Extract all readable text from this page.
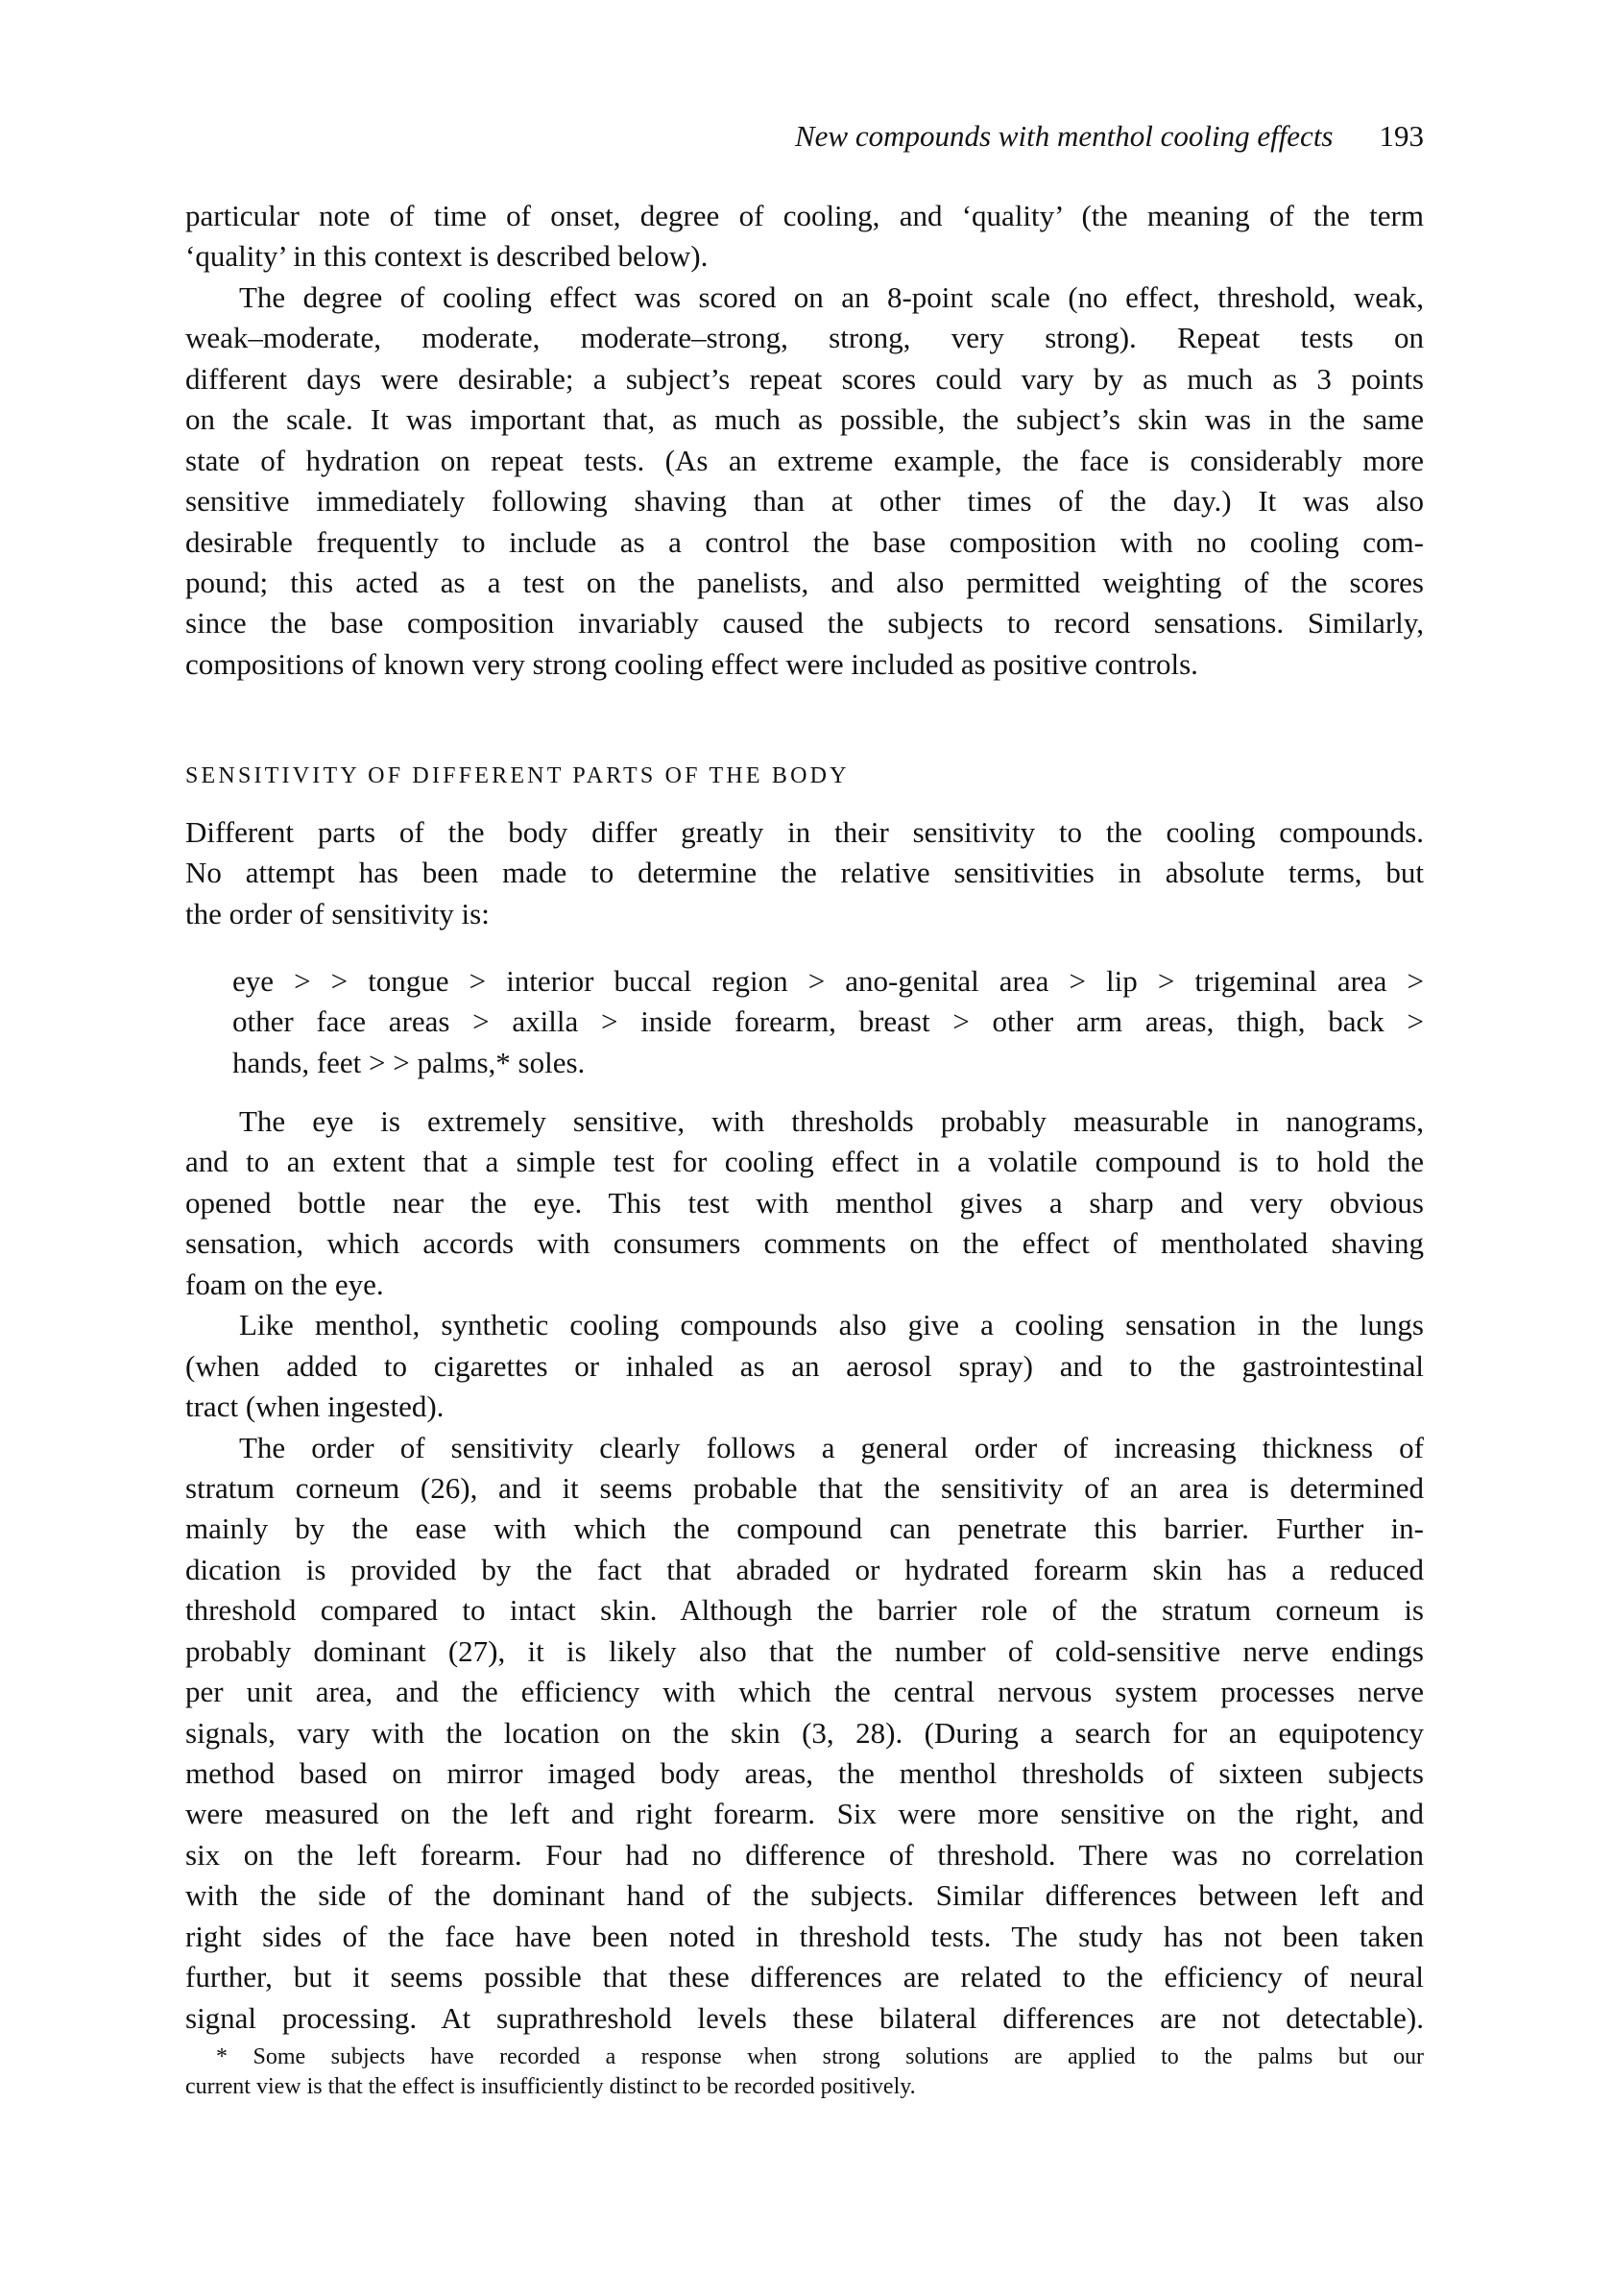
New compounds with menthol cooling effects 193
particular note of time of onset, degree of cooling, and ‘quality’ (the meaning of the term
‘quality’ in this context is described below).
The degree of cooling effect was scored on an 8-point scale (no effect, threshold, weak,
weak–moderate, moderate, moderate–strong, strong, very strong). Repeat tests on
different days were desirable; a subject’s repeat scores could vary by as much as 3 points
on the scale. It was important that, as much as possible, the subject’s skin was in the same
state of hydration on repeat tests. (As an extreme example, the face is considerably more
sensitive immediately following shaving than at other times of the day.) It was also
desirable frequently to include as a control the base composition with no cooling com-
pound; this acted as a test on the panelists, and also permitted weighting of the scores
since the base composition invariably caused the subjects to record sensations. Similarly,
compositions of known very strong cooling effect were included as positive controls.
SENSITIVITY OF DIFFERENT PARTS OF THE BODY
Different parts of the body differ greatly in their sensitivity to the cooling compounds.
No attempt has been made to determine the relative sensitivities in absolute terms, but
the order of sensitivity is:
eye > > tongue > interior buccal region > ano-genital area > lip > trigeminal area >
other face areas > axilla > inside forearm, breast > other arm areas, thigh, back >
hands, feet > > palms,* soles.
The eye is extremely sensitive, with thresholds probably measurable in nanograms,
and to an extent that a simple test for cooling effect in a volatile compound is to hold the
opened bottle near the eye. This test with menthol gives a sharp and very obvious
sensation, which accords with consumers comments on the effect of mentholated shaving
foam on the eye.
Like menthol, synthetic cooling compounds also give a cooling sensation in the lungs
(when added to cigarettes or inhaled as an aerosol spray) and to the gastrointestinal
tract (when ingested).
The order of sensitivity clearly follows a general order of increasing thickness of
stratum corneum (26), and it seems probable that the sensitivity of an area is determined
mainly by the ease with which the compound can penetrate this barrier. Further in-
dication is provided by the fact that abraded or hydrated forearm skin has a reduced
threshold compared to intact skin. Although the barrier role of the stratum corneum is
probably dominant (27), it is likely also that the number of cold-sensitive nerve endings
per unit area, and the efficiency with which the central nervous system processes nerve
signals, vary with the location on the skin (3, 28). (During a search for an equipotency
method based on mirror imaged body areas, the menthol thresholds of sixteen subjects
were measured on the left and right forearm. Six were more sensitive on the right, and
six on the left forearm. Four had no difference of threshold. There was no correlation
with the side of the dominant hand of the subjects. Similar differences between left and
right sides of the face have been noted in threshold tests. The study has not been taken
further, but it seems possible that these differences are related to the efficiency of neural
signal processing. At suprathreshold levels these bilateral differences are not detectable).
* Some subjects have recorded a response when strong solutions are applied to the palms but our
current view is that the effect is insufficiently distinct to be recorded positively.
